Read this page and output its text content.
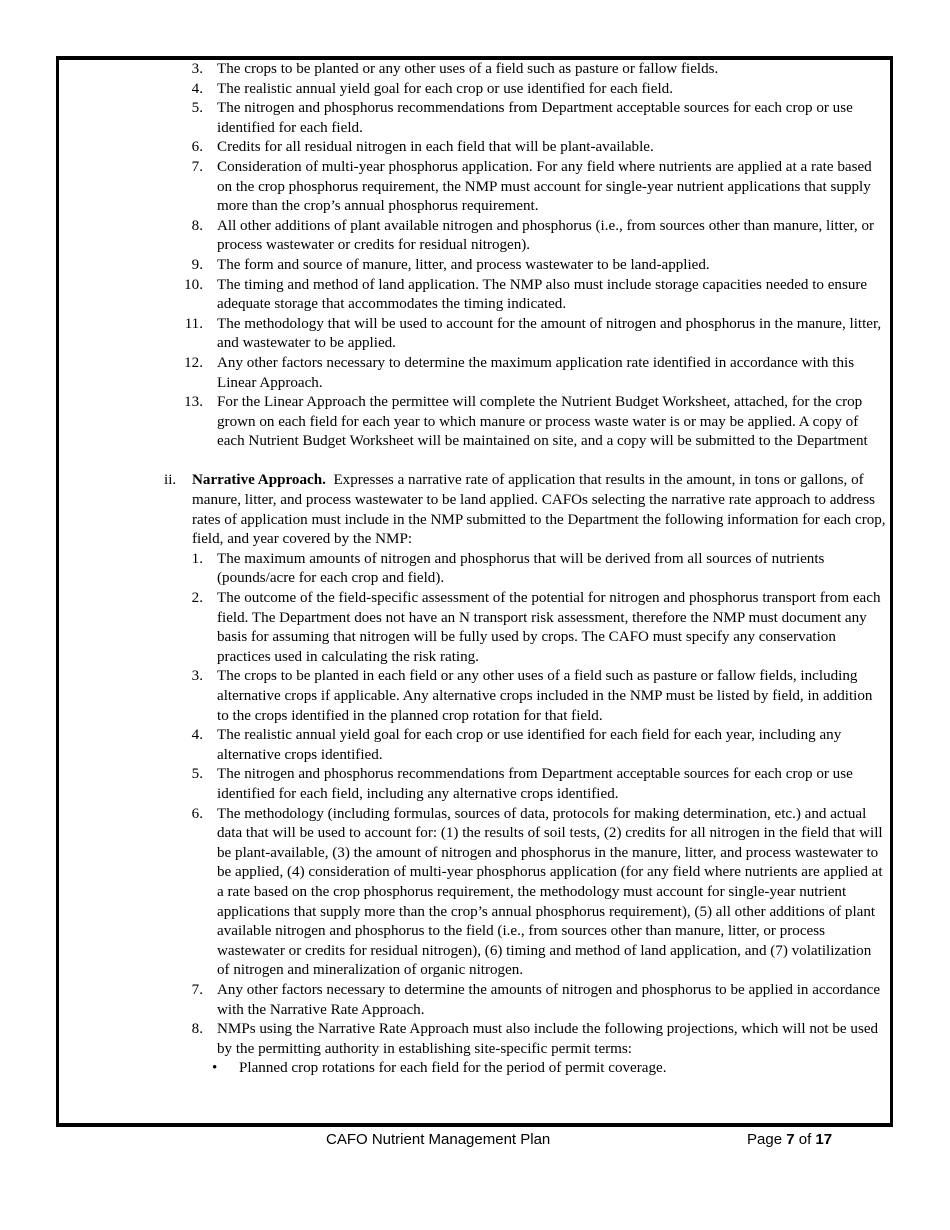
3. The crops to be planted or any other uses of a field such as pasture or fallow fields.

4. The realistic annual yield goal for each crop or use identified for each field.

5. The nitrogen and phosphorus recommendations from Department acceptable sources for each crop or use identified for each field.

6. Credits for all residual nitrogen in each field that will be plant-available.

7. Consideration of multi-year phosphorus application. For any field where nutrients are applied at a rate based on the crop phosphorus requirement, the NMP must account for single-year nutrient applications that supply more than the crop’s annual phosphorus requirement.

8. All other additions of plant available nitrogen and phosphorus (i.e., from sources other than manure, litter, or process wastewater or credits for residual nitrogen).

9. The form and source of manure, litter, and process wastewater to be land-applied.

10. The timing and method of land application. The NMP also must include storage capacities needed to ensure adequate storage that accommodates the timing indicated.

11. The methodology that will be used to account for the amount of nitrogen and phosphorus in the manure, litter, and wastewater to be applied.

12. Any other factors necessary to determine the maximum application rate identified in accordance with this Linear Approach.

13. For the Linear Approach the permittee will complete the Nutrient Budget Worksheet, attached, for the crop grown on each field for each year to which manure or process waste water is or may be applied. A copy of each Nutrient Budget Worksheet will be maintained on site, and a copy will be submitted to the Department

ii. Narrative Approach. Expresses a narrative rate of application that results in the amount, in tons or gallons, of manure, litter, and process wastewater to be land applied. CAFOs selecting the narrative rate approach to address rates of application must include in the NMP submitted to the Department the following information for each crop, field, and year covered by the NMP:

1. The maximum amounts of nitrogen and phosphorus that will be derived from all sources of nutrients (pounds/acre for each crop and field).

2. The outcome of the field-specific assessment of the potential for nitrogen and phosphorus transport from each field. The Department does not have an N transport risk assessment, therefore the NMP must document any basis for assuming that nitrogen will be fully used by crops. The CAFO must specify any conservation practices used in calculating the risk rating.

3. The crops to be planted in each field or any other uses of a field such as pasture or fallow fields, including alternative crops if applicable. Any alternative crops included in the NMP must be listed by field, in addition to the crops identified in the planned crop rotation for that field.

4. The realistic annual yield goal for each crop or use identified for each field for each year, including any alternative crops identified.

5. The nitrogen and phosphorus recommendations from Department acceptable sources for each crop or use identified for each field, including any alternative crops identified.

6. The methodology (including formulas, sources of data, protocols for making determination, etc.) and actual data that will be used to account for: (1) the results of soil tests, (2) credits for all nitrogen in the field that will be plant-available, (3) the amount of nitrogen and phosphorus in the manure, litter, and process wastewater to be applied, (4) consideration of multi-year phosphorus application (for any field where nutrients are applied at a rate based on the crop phosphorus requirement, the methodology must account for single-year nutrient applications that supply more than the crop’s annual phosphorus requirement), (5) all other additions of plant available nitrogen and phosphorus to the field (i.e., from sources other than manure, litter, or process wastewater or credits for residual nitrogen), (6) timing and method of land application, and (7) volatilization of nitrogen and mineralization of organic nitrogen.

7. Any other factors necessary to determine the amounts of nitrogen and phosphorus to be applied in accordance with the Narrative Rate Approach.

8. NMPs using the Narrative Rate Approach must also include the following projections, which will not be used by the permitting authority in establishing site-specific permit terms:

• Planned crop rotations for each field for the period of permit coverage.

CAFO Nutrient Management Plan	Page 7 of 17
